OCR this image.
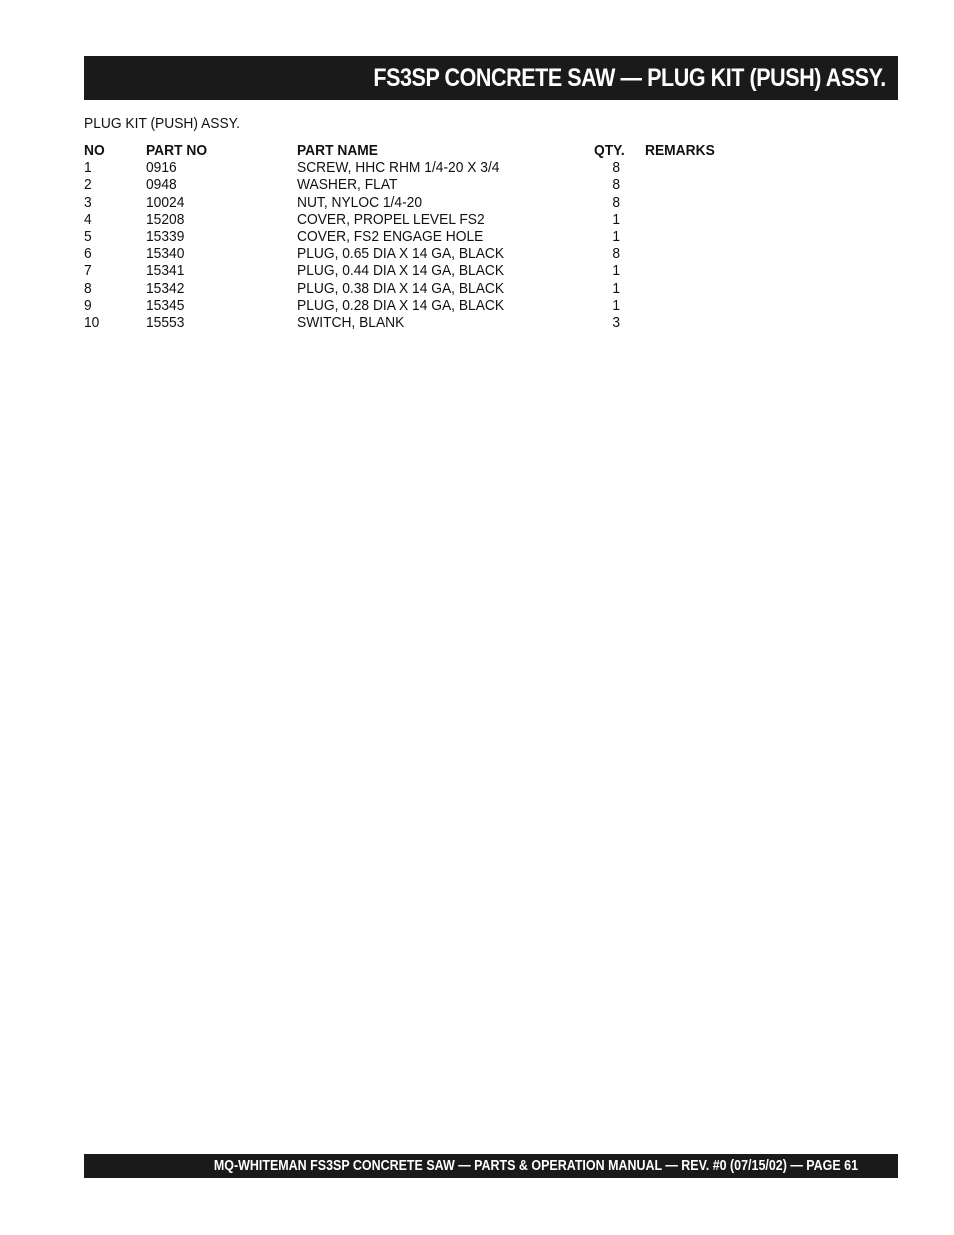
FS3SP CONCRETE SAW — PLUG KIT (PUSH) ASSY.
PLUG KIT (PUSH) ASSY.
NO	PART NO	PART NAME	QTY. REMARKS
1	0916	SCREW, HHC RHM 1/4-20 X 3/4	8
2	0948	WASHER, FLAT	8
3	10024	NUT, NYLOC 1/4-20	8
4	15208	COVER, PROPEL LEVEL FS2	1
5	15339	COVER, FS2 ENGAGE HOLE	1
6	15340	PLUG, 0.65 DIA X 14 GA, BLACK	8
7	15341	PLUG, 0.44 DIA X 14 GA, BLACK	1
8	15342	PLUG, 0.38 DIA X 14 GA, BLACK	1
9	15345	PLUG, 0.28 DIA X 14 GA, BLACK	1
10	15553	SWITCH, BLANK	3
MQ-WHITEMAN FS3SP CONCRETE SAW — PARTS & OPERATION MANUAL — REV. #0 (07/15/02) — PAGE 61
